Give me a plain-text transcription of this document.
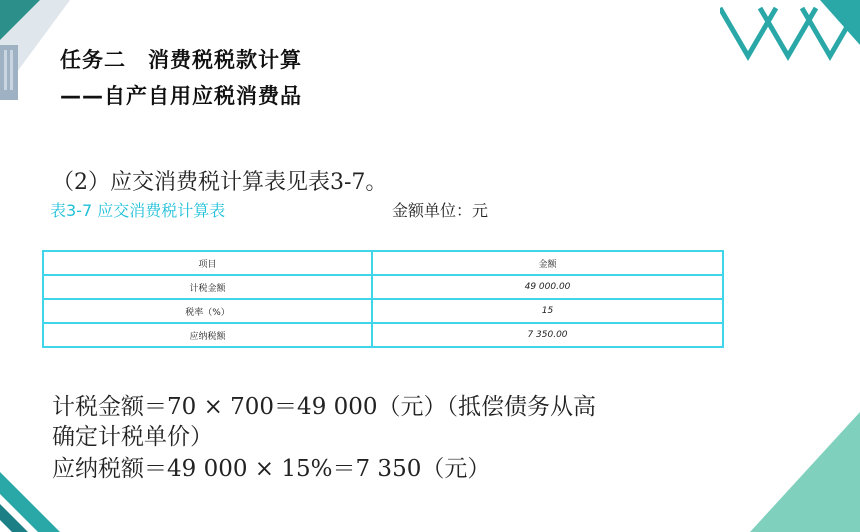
任务二 消费税税款计算
——自产自用应税消费品
（2）应交消费税计算表见表3-7。
表3-7 应交消费税计算表	金额单位：元
项目	金额
计税金额	49 000.00
税率（%）	15
应纳税额	7 350.00
计税金额＝70 × 700＝49 000（元）（抵偿债务从高
确定计税单价）
应纳税额＝49 000 × 15%＝7 350（元）
